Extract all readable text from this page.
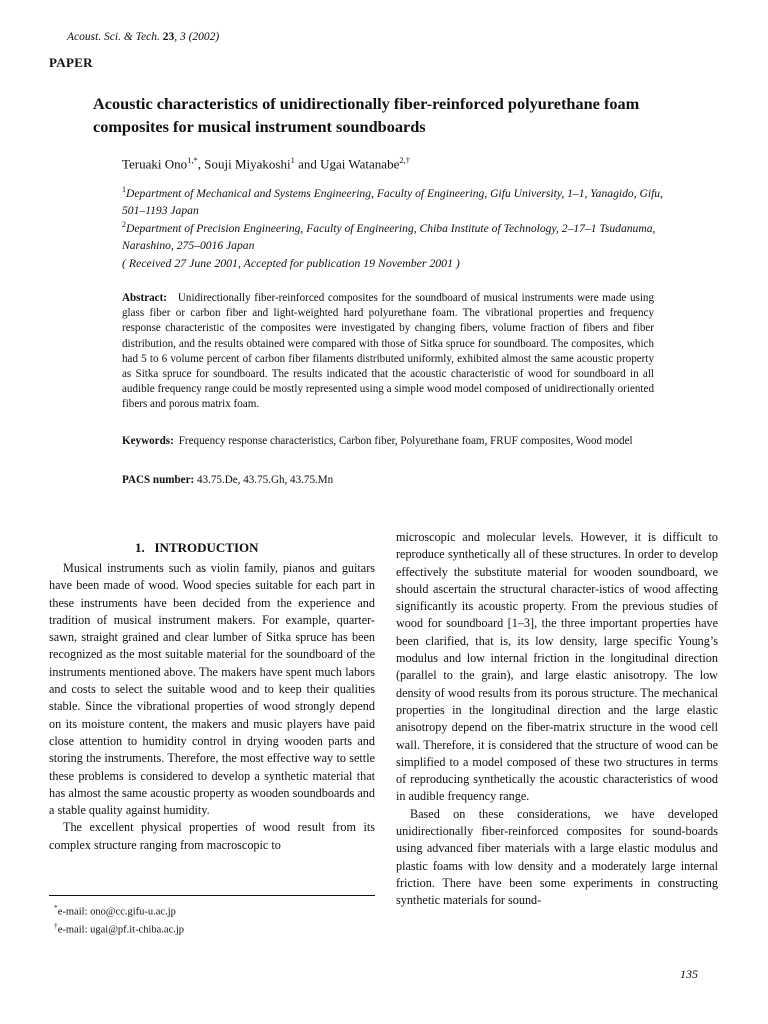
Acoust. Sci. & Tech. 23, 3 (2002)
PAPER
Acoustic characteristics of unidirectionally fiber-reinforced polyurethane foam composites for musical instrument soundboards
Teruaki Ono$^{1,*}$, Souji Miyakoshi$^1$ and Ugai Watanabe$^{2,\dagger}$
$^1$Department of Mechanical and Systems Engineering, Faculty of Engineering, Gifu University, 1–1, Yanagido, Gifu, 501–1193 Japan
$^2$Department of Precision Engineering, Faculty of Engineering, Chiba Institute of Technology, 2–17–1 Tsudanuma, Narashino, 275–0016 Japan
( Received 27 June 2001, Accepted for publication 19 November 2001 )
Abstract: Unidirectionally fiber-reinforced composites for the soundboard of musical instruments were made using glass fiber or carbon fiber and light-weighted hard polyurethane foam. The vibrational properties and frequency response characteristic of the composites were investigated by changing fibers, volume fraction of fibers and fiber distribution, and the results obtained were compared with those of Sitka spruce for soundboard. The composites, which had 5 to 6 volume percent of carbon fiber filaments distributed uniformly, exhibited almost the same acoustic property as Sitka spruce for soundboard. The results indicated that the acoustic characteristic of wood for soundboard in all audible frequency range could be mostly represented using a simple wood model composed of unidirectionally oriented fibers and porous matrix foam.
Keywords: Frequency response characteristics, Carbon fiber, Polyurethane foam, FRUF composites, Wood model
PACS number: 43.75.De, 43.75.Gh, 43.75.Mn
1.   INTRODUCTION

Musical instruments such as violin family, pianos and guitars have been made of wood. Wood species suitable for each part in these instruments have been decided from the experience and tradition of musical instrument makers. For example, quarter-sawn, straight grained and clear lumber of Sitka spruce has been recognized as the most suitable material for the soundboard of the instruments mentioned above. The makers have spent much labors and costs to select the suitable wood and to keep their qualities stable. Since the vibrational properties of wood strongly depend on its moisture content, the makers and music players have paid close attention to humidity control in drying wooden parts and storing the instruments. Therefore, the most effective way to settle these problems is considered to develop a synthetic material that has almost the same acoustic property as wooden soundboards and a stable quality against humidity.

The excellent physical properties of wood result from its complex structure ranging from macroscopic to

microscopic and molecular levels. However, it is difficult to reproduce synthetically all of these structures. In order to develop effectively the substitute material for wooden soundboard, we should ascertain the structural character-istics of wood affecting significantly its acoustic property. From the previous studies of wood for soundboard [1–3], the three important properties have been clarified, that is, its low density, large specific Young’s modulus and low internal friction in the longitudinal direction (parallel to the grain), and large elastic anisotropy. The low density of wood results from its porous structure. The mechanical properties in the longitudinal direction and the large elastic anisotropy depend on the fiber-matrix structure in the wood cell wall. Therefore, it is considered that the structure of wood can be simplified to a model composed of these two structures in terms of reproducing synthetically the acoustic characteristics of wood in audible frequency range.

Based on these considerations, we have developed unidirectionally fiber-reinforced composites for sound-boards using advanced fiber materials with a large elastic modulus and plastic foams with low density and a moderately large internal friction. There have been some experiments in constructing synthetic materials for sound-

*e-mail: ono@cc.gifu-u.ac.jp
†e-mail: ugai@pf.it-chiba.ac.jp
135
